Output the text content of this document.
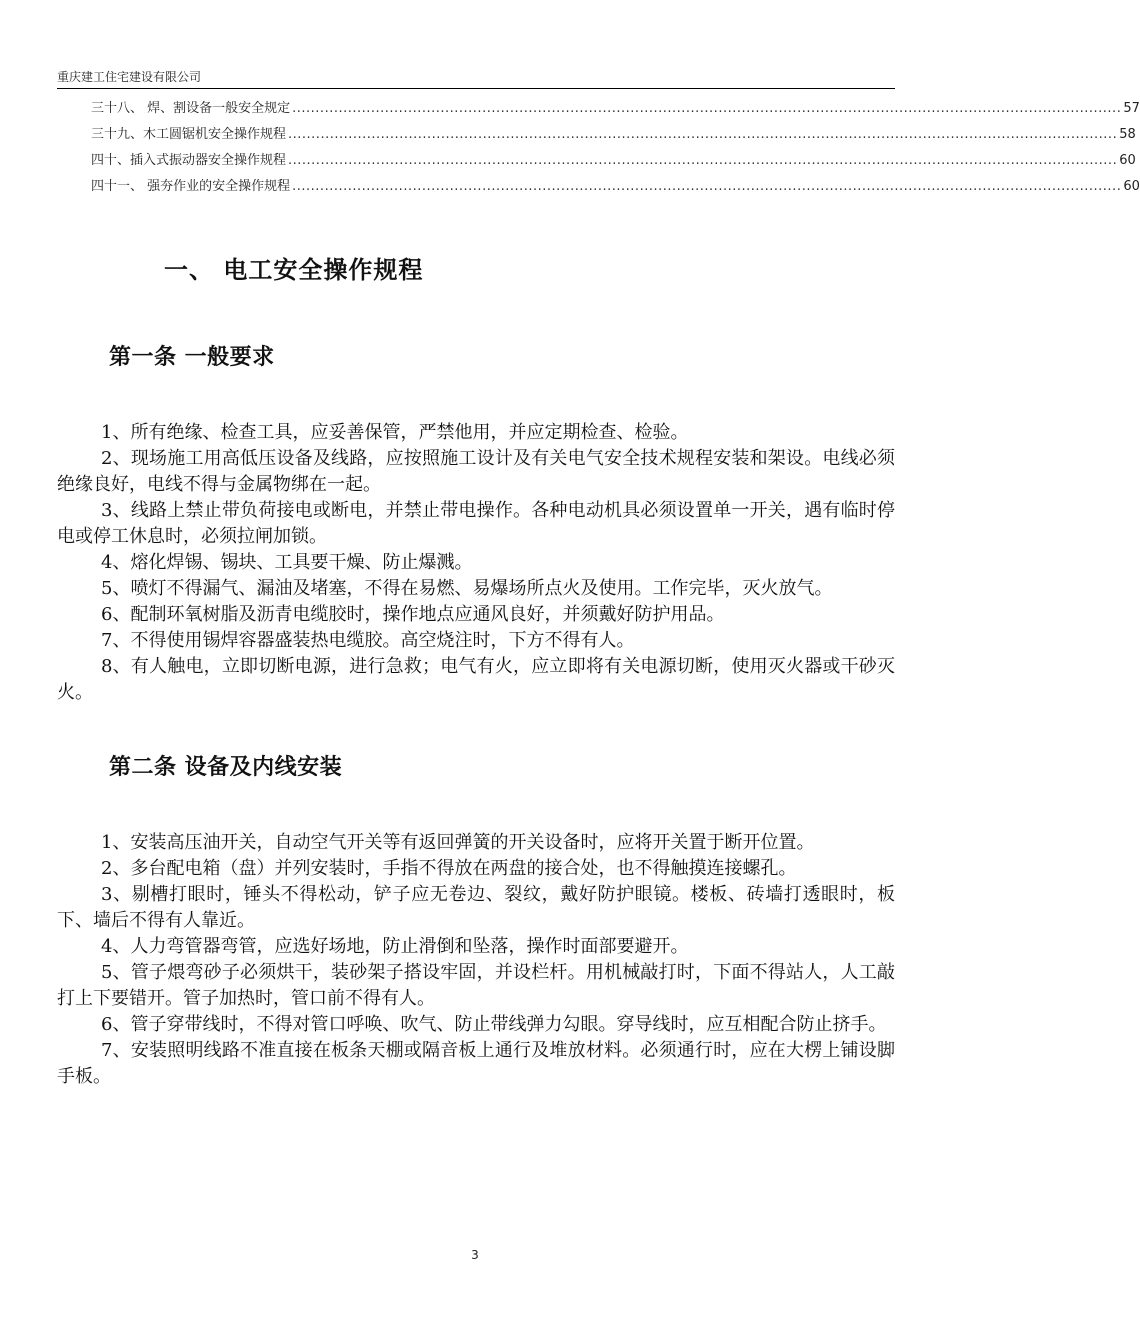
重庆建工住宅建设有限公司
三十八、 焊、割设备一般安全规定 ................................................................................................................................................................................... 57
三十九、木工圆锯机安全操作规程 ................................................................................................................................................................................... 58
四十、插入式振动器安全操作规程 ................................................................................................................................................................................... 60
四十一、 强夯作业的安全操作规程 ................................................................................................................................................................................... 60
一、 电工安全操作规程
第一条 一般要求

1、所有绝缘、检查工具，应妥善保管，严禁他用，并应定期检查、检验。

2、现场施工用高低压设备及线路，应按照施工设计及有关电气安全技术规程安装和架设。电线必须绝缘良好，电线不得与金属物绑在一起。

3、线路上禁止带负荷接电或断电，并禁止带电操作。各种电动机具必须设置单一开关，遇有临时停电或停工休息时，必须拉闸加锁。

4、熔化焊锡、锡块、工具要干燥、防止爆溅。

5、喷灯不得漏气、漏油及堵塞，不得在易燃、易爆场所点火及使用。工作完毕，灭火放气。

6、配制环氧树脂及沥青电缆胶时，操作地点应通风良好，并须戴好防护用品。

7、不得使用锡焊容器盛装热电缆胶。高空烧注时，下方不得有人。

8、有人触电，立即切断电源，进行急救；电气有火，应立即将有关电源切断，使用灭火器或干砂灭火。

第二条 设备及内线安装

1、安装高压油开关，自动空气开关等有返回弹簧的开关设备时，应将开关置于断开位置。

2、多台配电箱（盘）并列安装时，手指不得放在两盘的接合处，也不得触摸连接螺孔。

3、剔槽打眼时，锤头不得松动，铲子应无卷边、裂纹，戴好防护眼镜。楼板、砖墙打透眼时，板下、墙后不得有人靠近。

4、人力弯管器弯管，应选好场地，防止滑倒和坠落，操作时面部要避开。

5、管子煨弯砂子必须烘干，装砂架子搭设牢固，并设栏杆。用机械敲打时，下面不得站人，人工敲打上下要错开。管子加热时，管口前不得有人。

6、管子穿带线时，不得对管口呼唤、吹气、防止带线弹力勾眼。穿导线时，应互相配合防止挤手。

7、安装照明线路不准直接在板条天棚或隔音板上通行及堆放材料。必须通行时，应在大楞上铺设脚手板。

3
